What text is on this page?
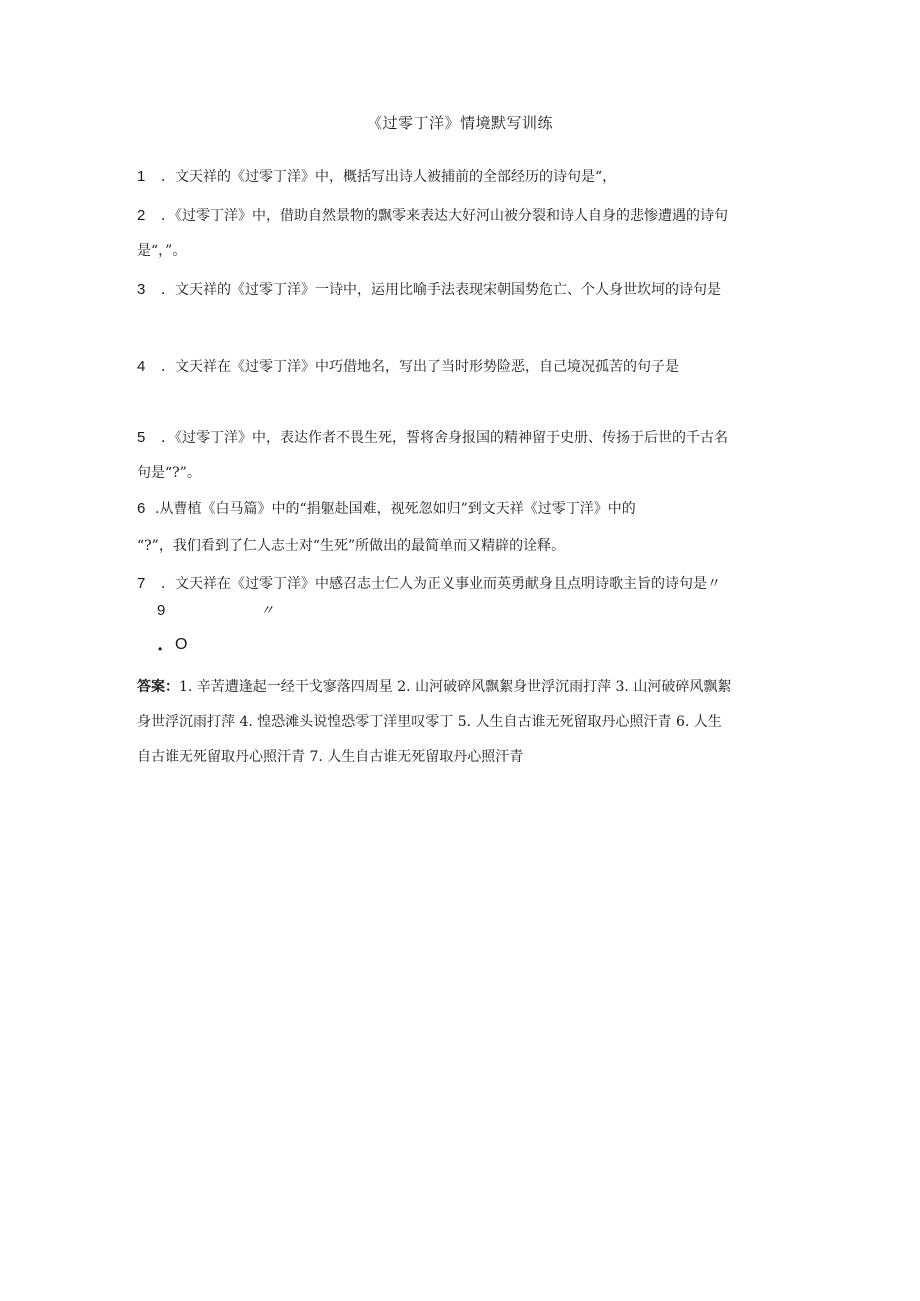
《过零丁洋》情境默写训练
1 ．文天祥的《过零丁洋》中，概括写出诗人被捕前的全部经历的诗句是“，
2 ．《过零丁洋》中，借助自然景物的飘零来表达大好河山被分裂和诗人自身的悲惨遭遇的诗句
是“，”。
3 ．文天祥的《过零丁洋》一诗中，运用比喻手法表现宋朝国势危亡、个人身世坎坷的诗句是
4 ．文天祥在《过零丁洋》中巧借地名，写出了当时形势险恶，自己境况孤苦的句子是
5 ．《过零丁洋》中，表达作者不畏生死，誓将舍身报国的精神留于史册、传扬于后世的千古名
句是“?”。
6 .从曹植《白马篇》中的“捐躯赴国难，视死忽如归”到文天祥《过零丁洋》中的
“?”，我们看到了仁人志士对“生死”所做出的最简单而又精辟的诠释。
7 ．文天祥在《过零丁洋》中感召志士仁人为正义事业而英勇献身且点明诗歌主旨的诗句是〃
9	〃
• O
答案：1. 辛苦遭逢起一经干戈寥落四周星 2. 山河破碎风飘絮身世浮沉雨打萍 3. 山河破碎风飘絮
身世浮沉雨打萍 4. 惶恐滩头说惶恐零丁洋里叹零丁 5. 人生自古谁无死留取丹心照汗青 6. 人生
自古谁无死留取丹心照汗青 7. 人生自古谁无死留取丹心照汗青
